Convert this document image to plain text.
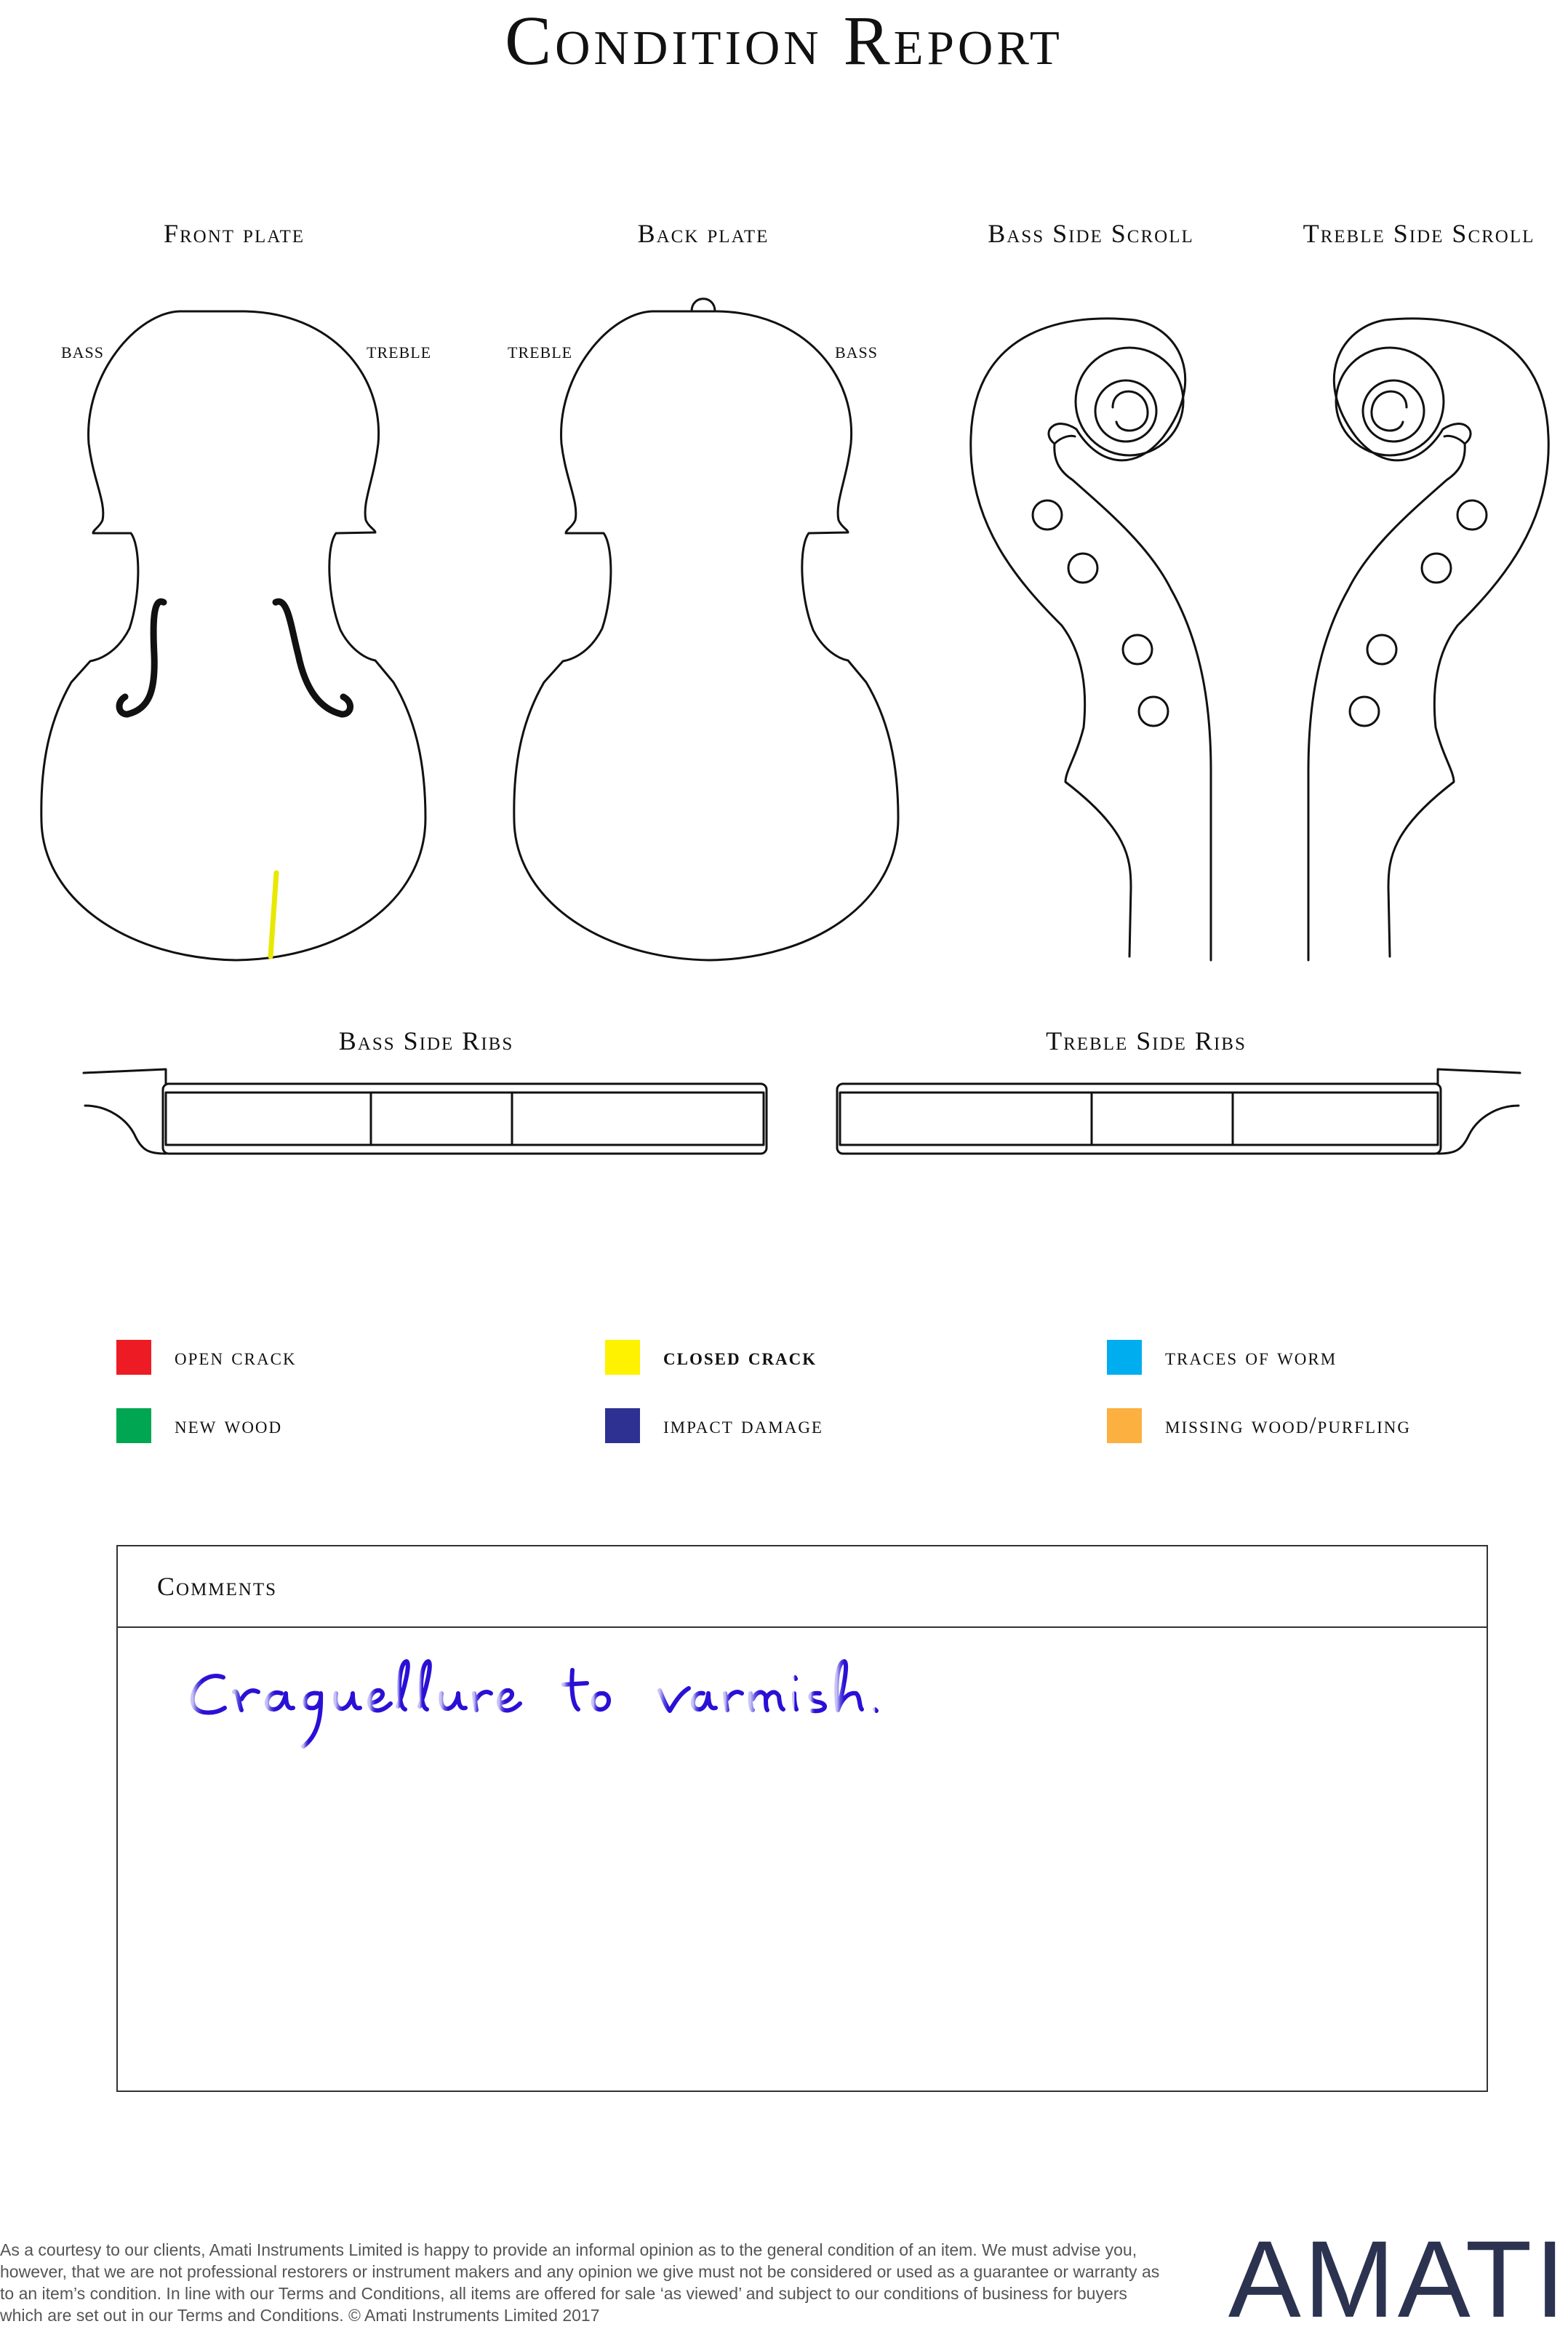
Condition Report
Front plate	Back plate	Bass Side Scroll	Treble Side Scroll
Bass Side Ribs	Treble Side Ribs
BASS	TREBLE	TREBLE	BASS
open crack	closed crack	traces of worm
new wood	impact damage	missing wood/purfling
Comments
As a courtesy to our clients, Amati Instruments Limited is happy to provide an informal opinion as to the general condition of an item. We must advise you, however, that we are not professional restorers or instrument makers and any opinion we give must not be considered or used as a guarantee or warranty as to an item’s condition. In line with our Terms and Conditions, all items are offered for sale ‘as viewed’ and subject to our conditions of business for buyers which are set out in our Terms and Conditions. © Amati Instruments Limited 2017	AMATI
